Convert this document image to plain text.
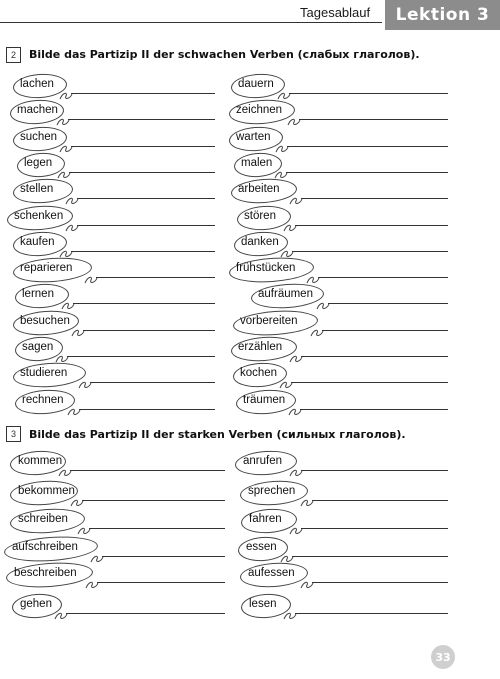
Tagesablauf	Lektion 3
2	Bilde das Partizip II der schwachen Verben (слабых глаголов).
3	Bilde das Partizip II der starken Verben (сильных глаголов).
lachen
machen
suchen
legen
stellen
schenken
kaufen
reparieren
lernen
besuchen
sagen
studieren
rechnen
dauern
zeichnen
warten
malen
arbeiten
stören
danken
frühstücken
aufräumen
vorbereiten
erzählen
kochen
träumen
kommen
bekommen
schreiben
aufschreiben
beschreiben
gehen
anrufen
sprechen
fahren
essen
aufessen
lesen
33
